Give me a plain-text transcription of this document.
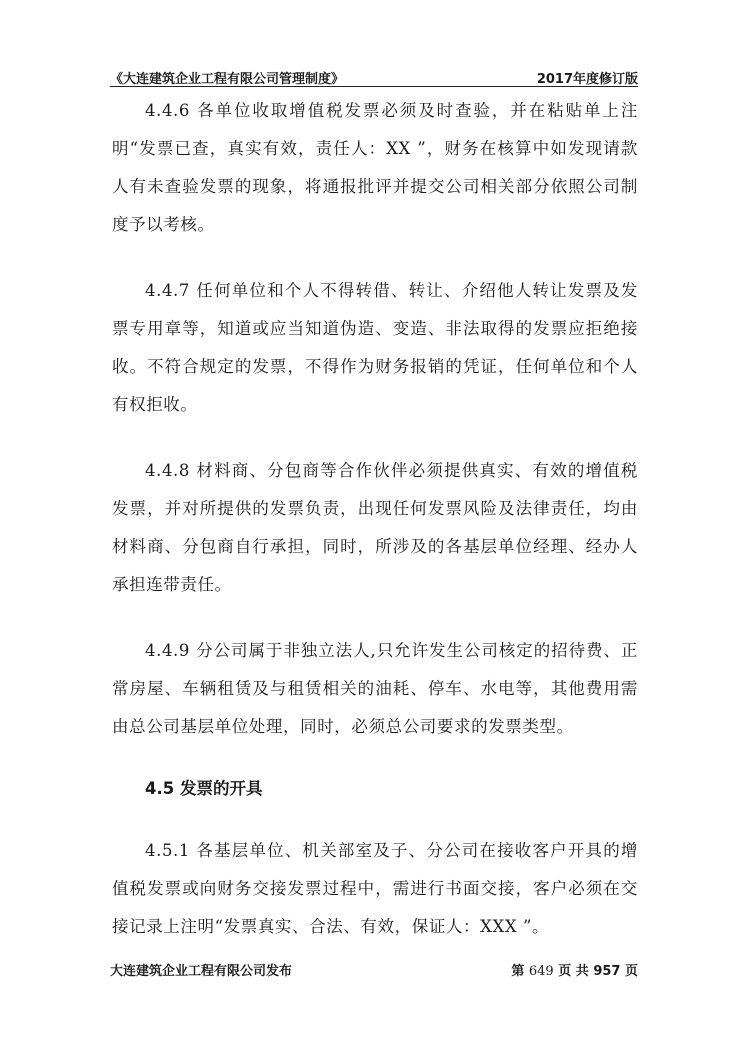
《大连建筑企业工程有限公司管理制度》	2017年度修订版

4.4.6 各单位收取增值税发票必须及时查验，并在粘贴单上注明“发票已查，真实有效，责任人：XX ”，财务在核算中如发现请款人有未查验发票的现象，将通报批评并提交公司相关部分依照公司制度予以考核。

4.4.7 任何单位和个人不得转借、转让、介绍他人转让发票及发票专用章等，知道或应当知道伪造、变造、非法取得的发票应拒绝接收。不符合规定的发票，不得作为财务报销的凭证，任何单位和个人有权拒收。

4.4.8 材料商、分包商等合作伙伴必须提供真实、有效的增值税发票，并对所提供的发票负责，出现任何发票风险及法律责任，均由材料商、分包商自行承担，同时，所涉及的各基层单位经理、经办人承担连带责任。

4.4.9 分公司属于非独立法人,只允许发生公司核定的招待费、正常房屋、车辆租赁及与租赁相关的油耗、停车、水电等，其他费用需由总公司基层单位处理，同时，必须总公司要求的发票类型。

4.5 发票的开具

4.5.1 各基层单位、机关部室及子、分公司在接收客户开具的增值税发票或向财务交接发票过程中，需进行书面交接，客户必须在交接记录上注明“发票真实、合法、有效，保证人：XXX ”。

大连建筑企业工程有限公司发布	第 649 页 共 957 页
